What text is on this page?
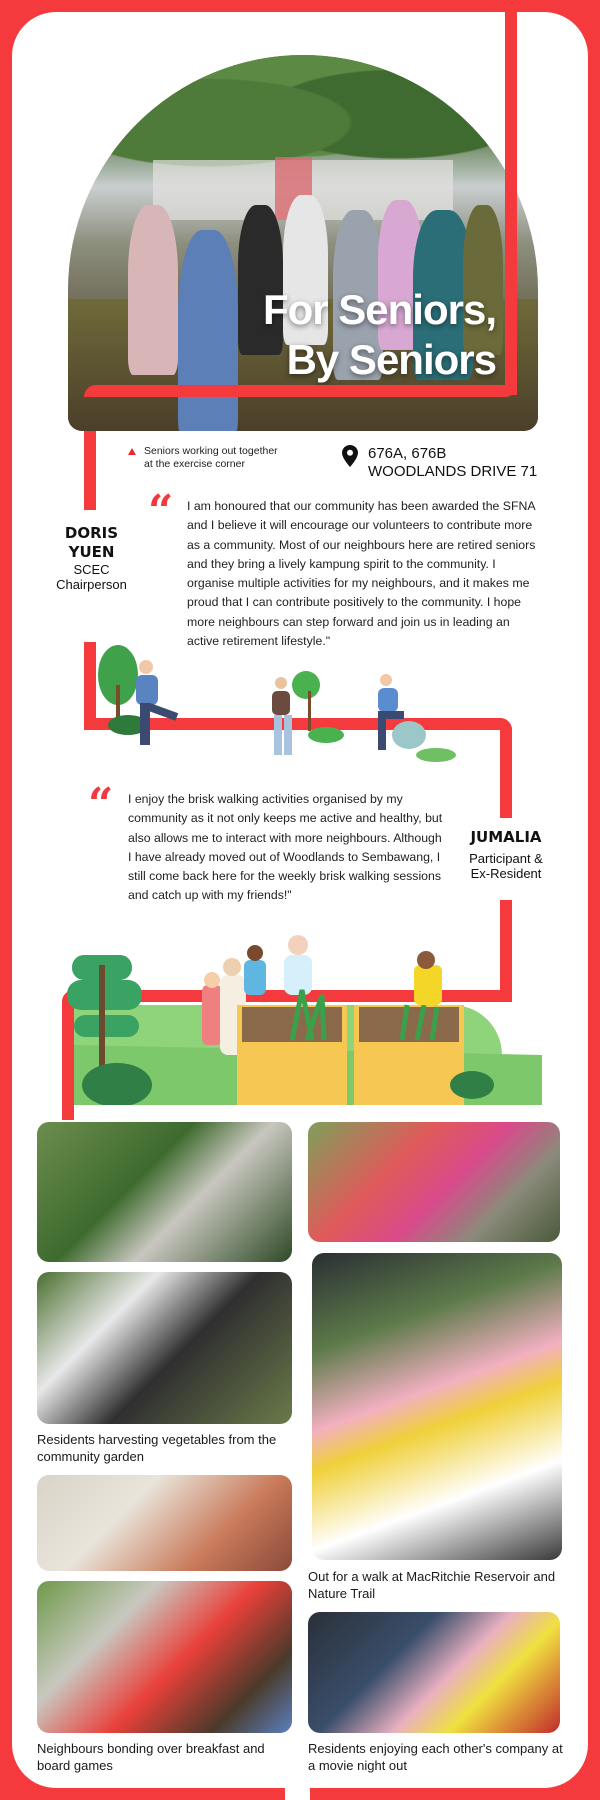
For Seniors,
By Seniors
Seniors working out together
at the exercise corner
676A, 676B
WOODLANDS DRIVE 71
DORIS
YUEN
SCEC
Chairperson
“ I am honoured that our community has been awarded the SFNA and I believe it will encourage our volunteers to contribute more as a community. Most of our neighbours here are retired seniors and they bring a lively kampung spirit to the community. I organise multiple activities for my neighbours, and it makes me proud that I can contribute positively to the community. I hope more neighbours can step forward and join us in leading an active retirement lifestyle."
“ I enjoy the brisk walking activities organised by my community as it not only keeps me active and healthy, but also allows me to interact with more neighbours. Although I have already moved out of Woodlands to Sembawang, I still come back here for the weekly brisk walking sessions and catch up with my friends!"
JUMALIA
Participant &
Ex-Resident
Residents harvesting vegetables from the community garden
Neighbours bonding over breakfast and board games
Out for a walk at MacRitchie Reservoir and Nature Trail
Residents enjoying each other's company at a movie night out
